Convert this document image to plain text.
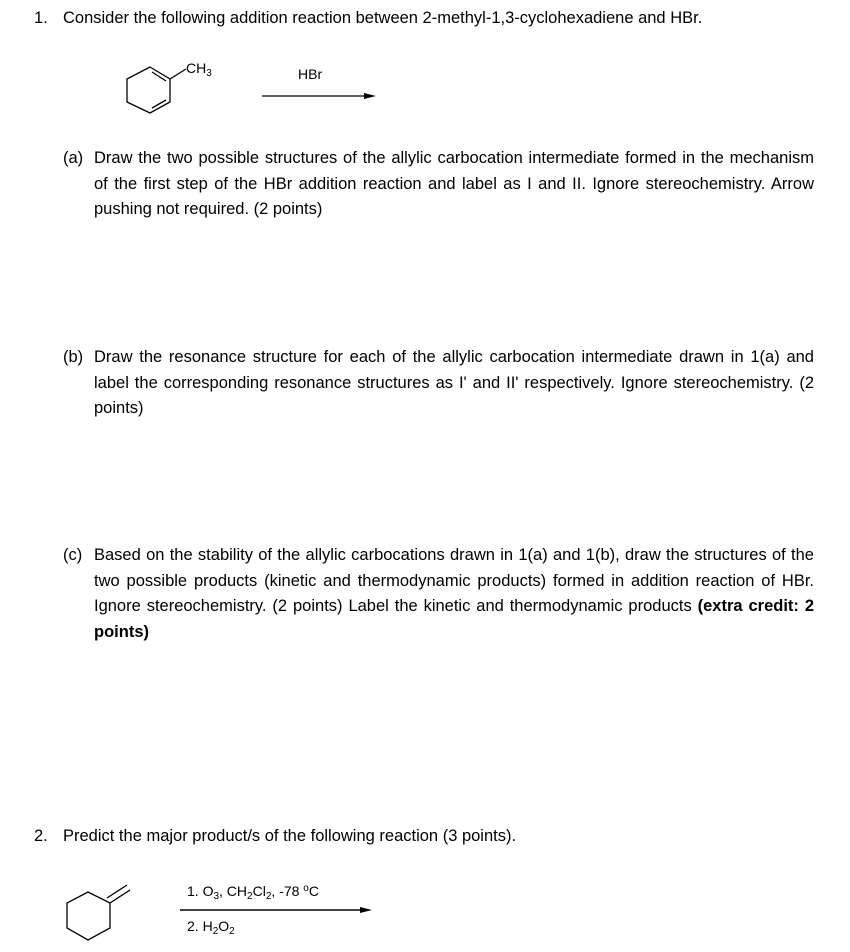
1. Consider the following addition reaction between 2-methyl-1,3-cyclohexadiene and HBr.
$CH_3$	HBr
(a) Draw the two possible structures of the allylic carbocation intermediate formed in the mechanism of the first step of the HBr addition reaction and label as I and II. Ignore stereochemistry. Arrow pushing not required. (2 points)
(b) Draw the resonance structure for each of the allylic carbocation intermediate drawn in 1(a) and label the corresponding resonance structures as I' and II' respectively. Ignore stereochemistry. (2 points)
(c) Based on the stability of the allylic carbocations drawn in 1(a) and 1(b), draw the structures of the two possible products (kinetic and thermodynamic products) formed in addition reaction of HBr. Ignore stereochemistry. (2 points) Label the kinetic and thermodynamic products (extra credit: 2 points)
2. Predict the major product/s of the following reaction (3 points).
1. $O_3$, $CH_2Cl_2$, -78 $^o$C
2. $H_2O_2$
